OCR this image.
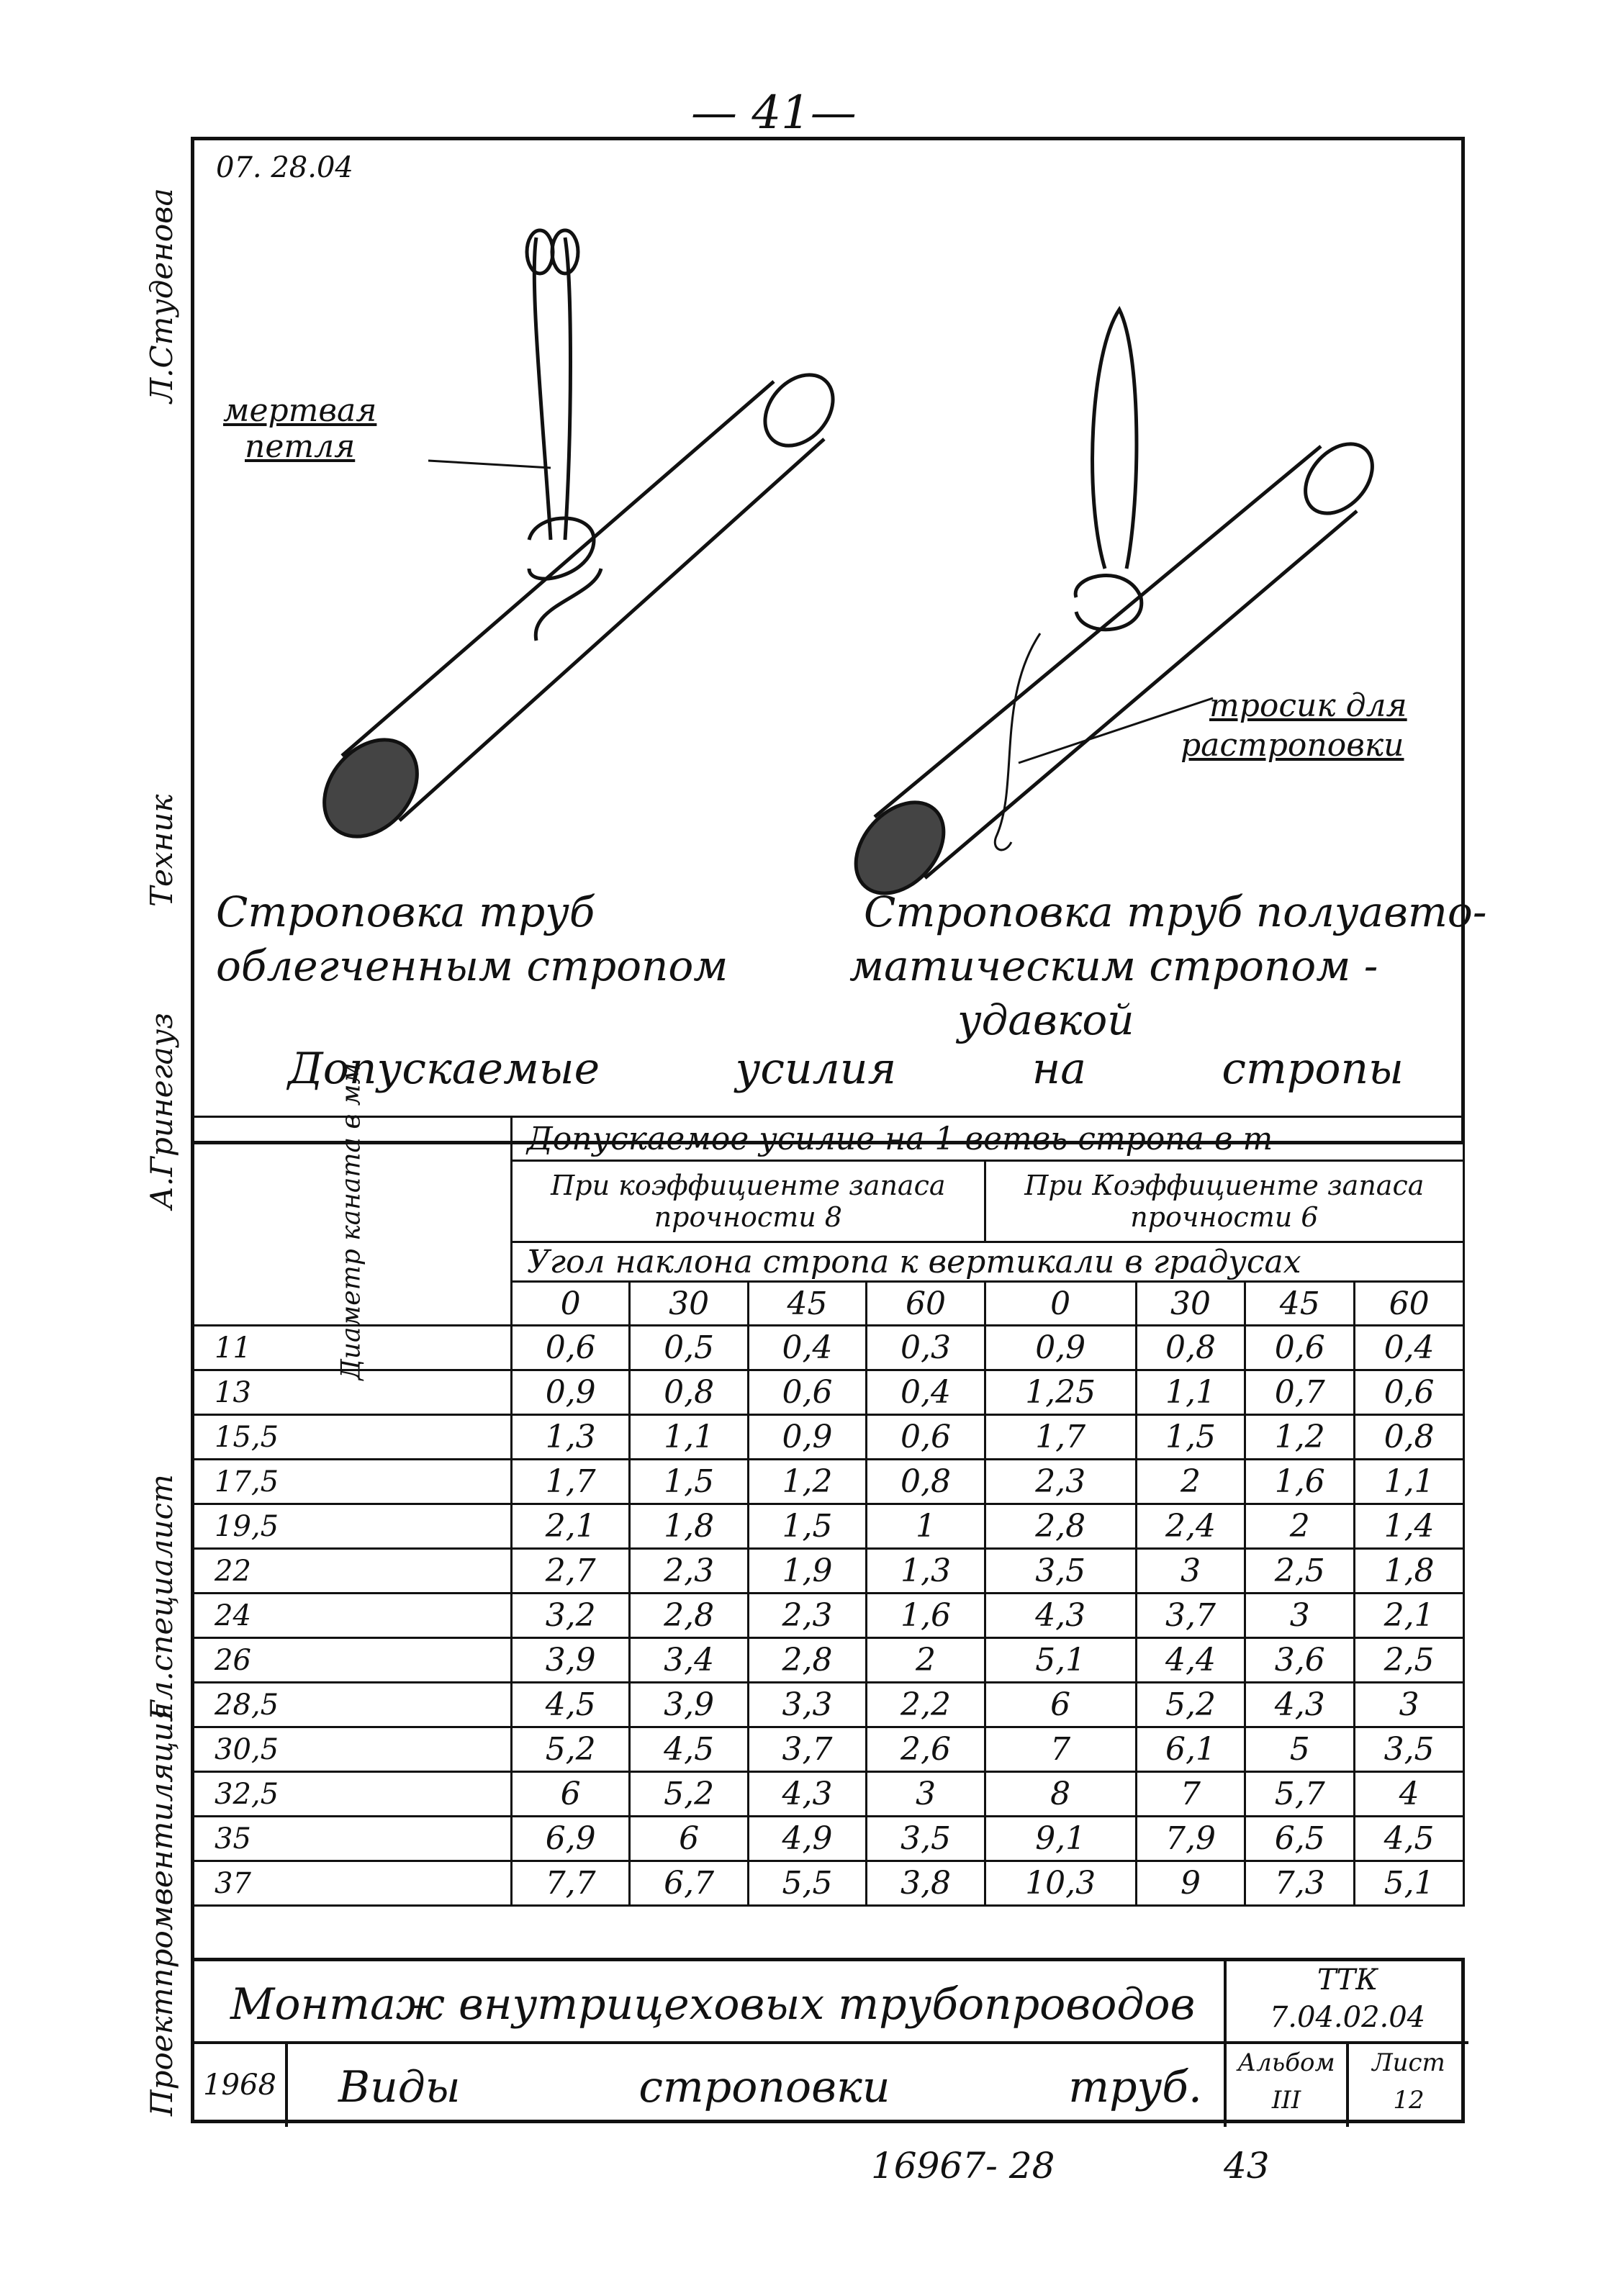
— 41—
07. 28.04
Л.Студенова
Техник
А.Гринегауз
Гл.специалист
Проектпромвентиляция
мертвая
петля
тросик для
растроповки
Строповка труб
облегченным стропом
Строповка труб полуавто-
матическим стропом -
удавкой
Допускаемые	усилия	на	стропы
Диаметр каната в мм	Допускаемое усилие на 1 ветвь стропа в т							
	При коэффициенте запаса прочности 8				При Коэффициенте запаса прочности 6			
	Угол наклона стропа к вертикали в градусах							
	0	30	45	60	0	30	45	60
11	0,6	0,5	0,4	0,3	0,9	0,8	0,6	0,4
13	0,9	0,8	0,6	0,4	1,25	1,1	0,7	0,6
15,5	1,3	1,1	0,9	0,6	1,7	1,5	1,2	0,8
17,5	1,7	1,5	1,2	0,8	2,3	2	1,6	1,1
19,5	2,1	1,8	1,5	1	2,8	2,4	2	1,4
22	2,7	2,3	1,9	1,3	3,5	3	2,5	1,8
24	3,2	2,8	2,3	1,6	4,3	3,7	3	2,1
26	3,9	3,4	2,8	2	5,1	4,4	3,6	2,5
28,5	4,5	3,9	3,3	2,2	6	5,2	4,3	3
30,5	5,2	4,5	3,7	2,6	7	6,1	5	3,5
32,5	6	5,2	4,3	3	8	7	5,7	4
35	6,9	6	4,9	3,5	9,1	7,9	6,5	4,5
37	7,7	6,7	5,5	3,8	10,3	9	7,3	5,1
Монтаж внутрицеховых трубопроводов	ТТК
7.04.02.04
1968 Виды	строповки	труб.	Альбом
III
Лист
12
16967- 28	43
